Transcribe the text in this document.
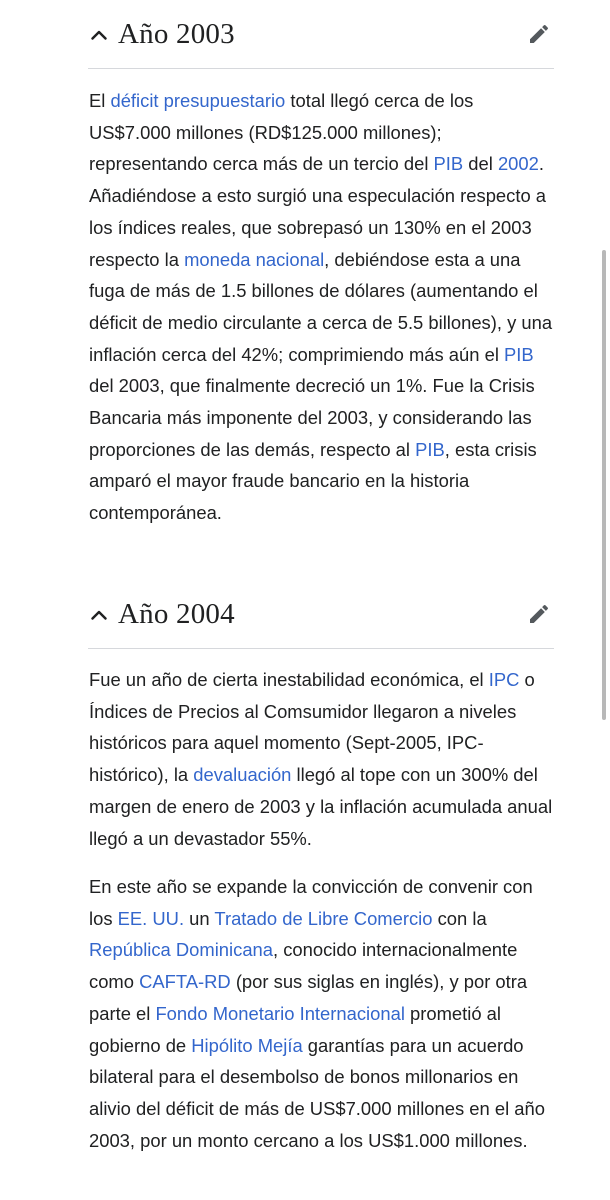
Año 2003

El déficit presupuestario total llegó cerca de los US$7.000 millones (RD$125.000 millones); representando cerca más de un tercio del PIB del 2002. Añadiéndose a esto surgió una especulación respecto a los índices reales, que sobrepasó un 130% en el 2003 respecto la moneda nacional, debiéndose esta a una fuga de más de 1.5 billones de dólares (aumentando el déficit de medio circulante a cerca de 5.5 billones), y una inflación cerca del 42%; comprimiendo más aún el PIB del 2003, que finalmente decreció un 1%. Fue la Crisis Bancaria más imponente del 2003, y considerando las proporciones de las demás, respecto al PIB, esta crisis amparó el mayor fraude bancario en la historia contemporánea.

Año 2004

Fue un año de cierta inestabilidad económica, el IPC o Índices de Precios al Comsumidor llegaron a niveles históricos para aquel momento (Sept-2005, IPC-histórico), la devaluación llegó al tope con un 300% del margen de enero de 2003 y la inflación acumulada anual llegó a un devastador 55%.

En este año se expande la convicción de convenir con los EE. UU. un Tratado de Libre Comercio con la República Dominicana, conocido internacionalmente como CAFTA-RD (por sus siglas en inglés), y por otra parte el Fondo Monetario Internacional prometió al gobierno de Hipólito Mejía garantías para un acuerdo bilateral para el desembolso de bonos millonarios en alivio del déficit de más de US$7.000 millones en el año 2003, por un monto cercano a los US$1.000 millones.
